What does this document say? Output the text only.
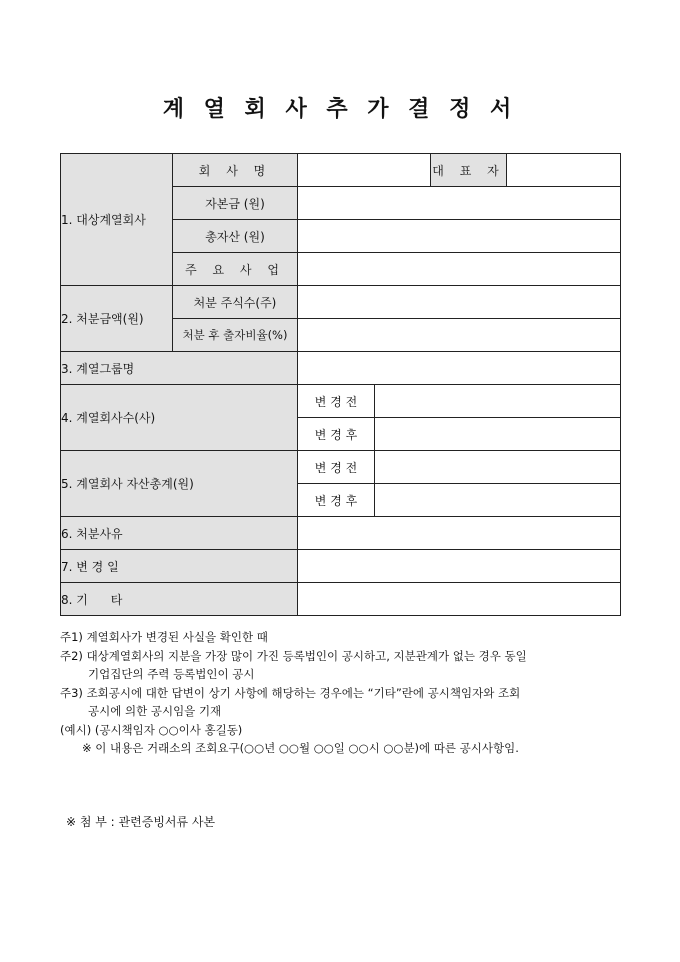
계 열 회 사 추 가 결 정 서
1. 대상계열회사	회 사 명			대 표 자	
	자본금 (원)				
	총자산 (원)				
	주 요 사 업				
2. 처분금액(원)	처분 주식수(주)				
	처분 후 출자비율(%)				
3. 계열그룹명					
4. 계열회사수(사)		변 경 전			
		변 경 후			
5. 계열회사 자산총계(원)		변 경 전			
		변 경 후			
6. 처분사유					
7. 변 경 일					
8. 기      타					
주1) 계열회사가 변경된 사실을 확인한 때
주2) 대상계열회사의 지분을 가장 많이 가진 등록법인이 공시하고, 지분관계가 없는 경우 동일
기업집단의 주력 등록법인이 공시
주3) 조회공시에 대한 답변이 상기 사항에 해당하는 경우에는 “기타”란에 공시책임자와 조회
공시에 의한 공시임을 기재
(예시) (공시책임자 ○○이사 홍길동)
※ 이 내용은 거래소의 조회요구(○○년 ○○월 ○○일 ○○시 ○○분)에 따른 공시사항임.
※ 첨 부 : 관련증빙서류 사본
